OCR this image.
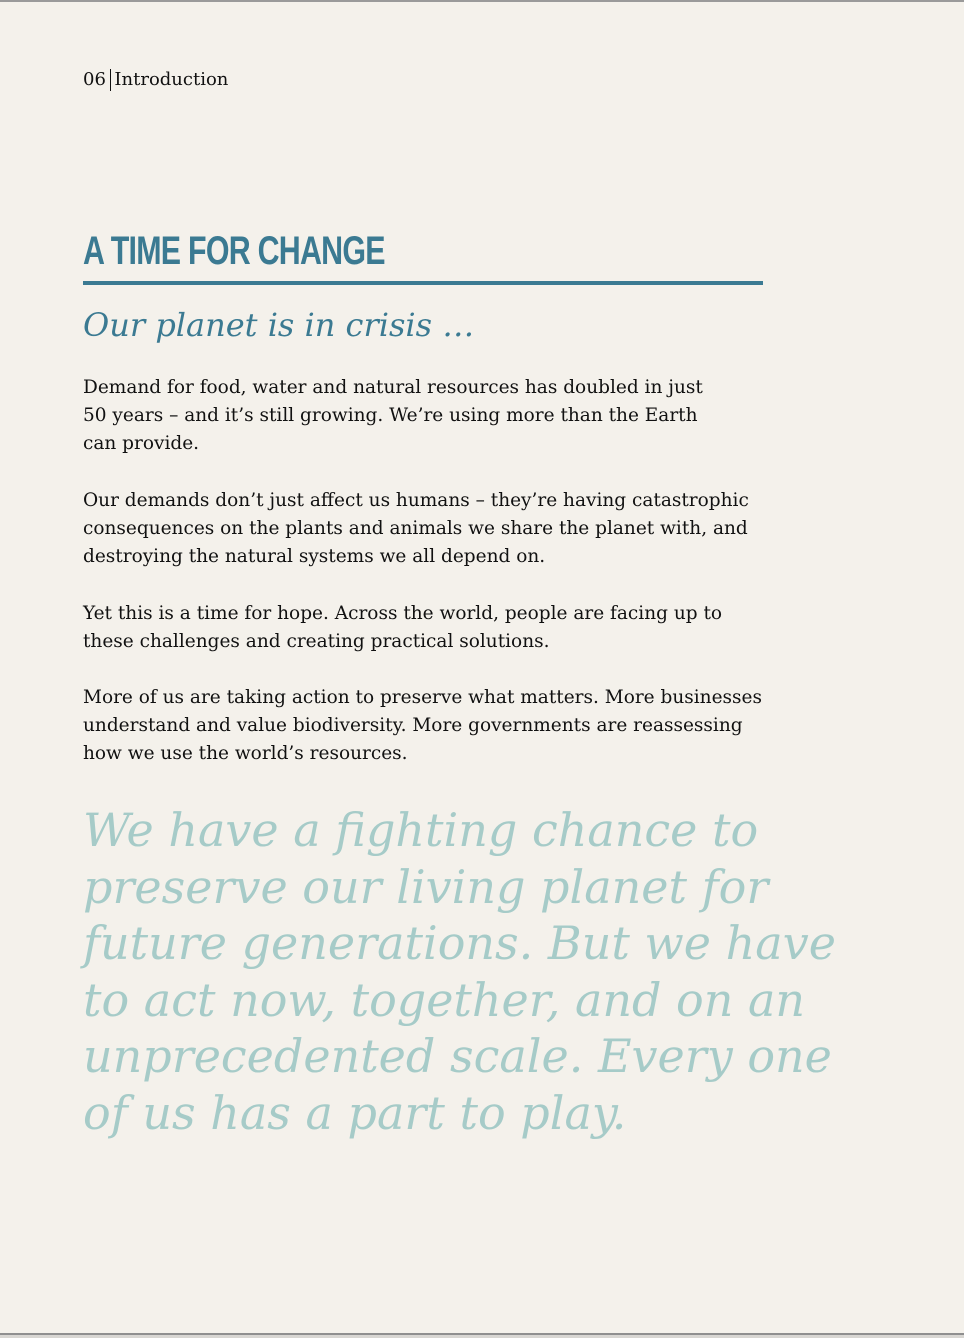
06 Introduction
A TIME FOR CHANGE
Our planet is in crisis …

Demand for food, water and natural resources has doubled in just
50 years – and it’s still growing. We’re using more than the Earth
can provide.

Our demands don’t just affect us humans – they’re having catastrophic
consequences on the plants and animals we share the planet with, and
destroying the natural systems we all depend on.

Yet this is a time for hope. Across the world, people are facing up to
these challenges and creating practical solutions.

More of us are taking action to preserve what matters. More businesses
understand and value biodiversity. More governments are reassessing
how we use the world’s resources.

We have a fighting chance to
preserve our living planet for
future generations. But we have
to act now, together, and on an
unprecedented scale. Every one
of us has a part to play.
